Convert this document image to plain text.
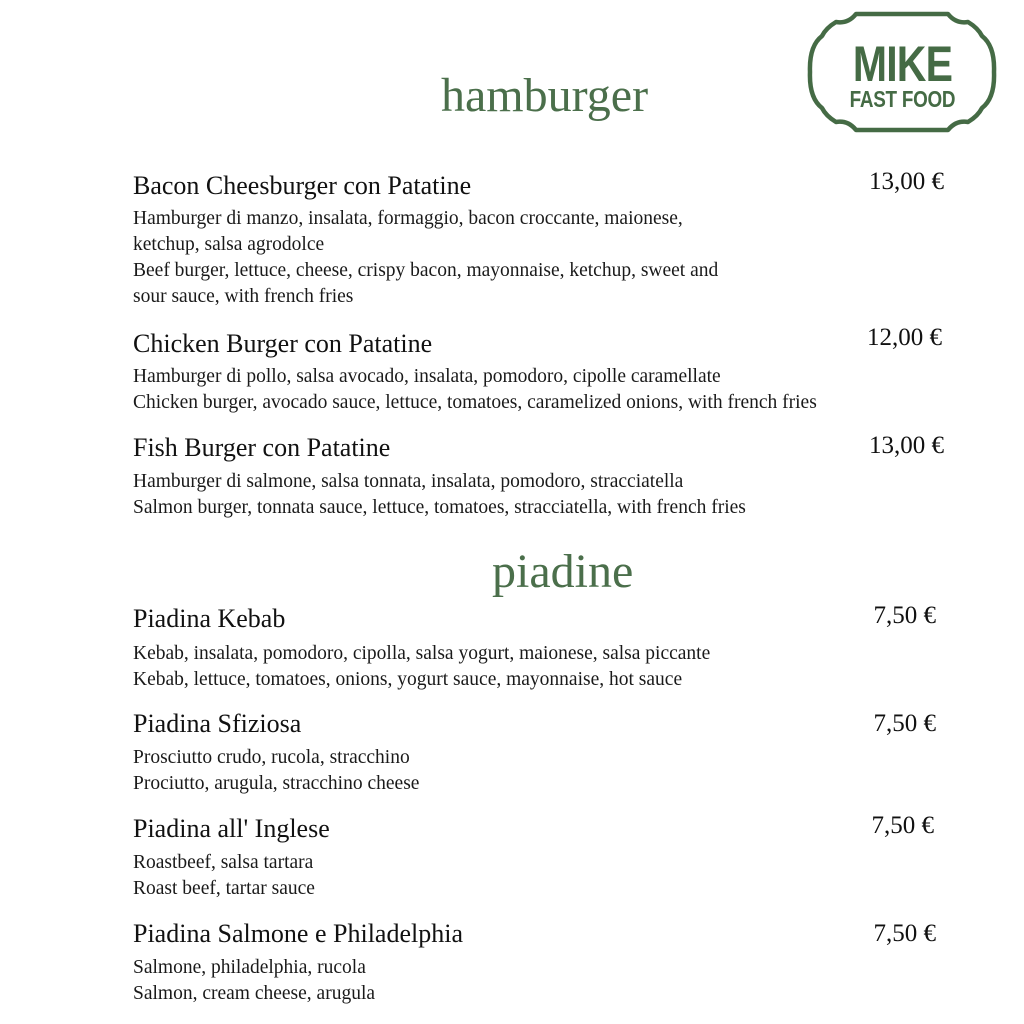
MIKE
FAST FOOD
hamburger
Bacon Cheesburger con Patatine	13,00 €
Hamburger di manzo, insalata, formaggio, bacon croccante, maionese,
ketchup, salsa agrodolce
Beef burger, lettuce, cheese, crispy bacon, mayonnaise, ketchup, sweet and
sour sauce, with french fries
Chicken Burger con Patatine	12,00 €
Hamburger di pollo, salsa avocado, insalata, pomodoro, cipolle caramellate
Chicken burger, avocado sauce, lettuce, tomatoes, caramelized onions, with french fries
Fish Burger con Patatine	13,00 €
Hamburger di salmone, salsa tonnata, insalata, pomodoro, stracciatella
Salmon burger, tonnata sauce, lettuce, tomatoes, stracciatella, with french fries
piadine
Piadina Kebab	7,50 €
Kebab, insalata, pomodoro, cipolla, salsa yogurt, maionese, salsa piccante
Kebab, lettuce, tomatoes, onions, yogurt sauce, mayonnaise, hot sauce
Piadina Sfiziosa	7,50 €
Prosciutto crudo, rucola, stracchino
Prociutto, arugula, stracchino cheese
Piadina all' Inglese	7,50 €
Roastbeef, salsa tartara
Roast beef, tartar sauce
Piadina Salmone e Philadelphia	7,50 €
Salmone, philadelphia, rucola
Salmon, cream cheese, arugula
